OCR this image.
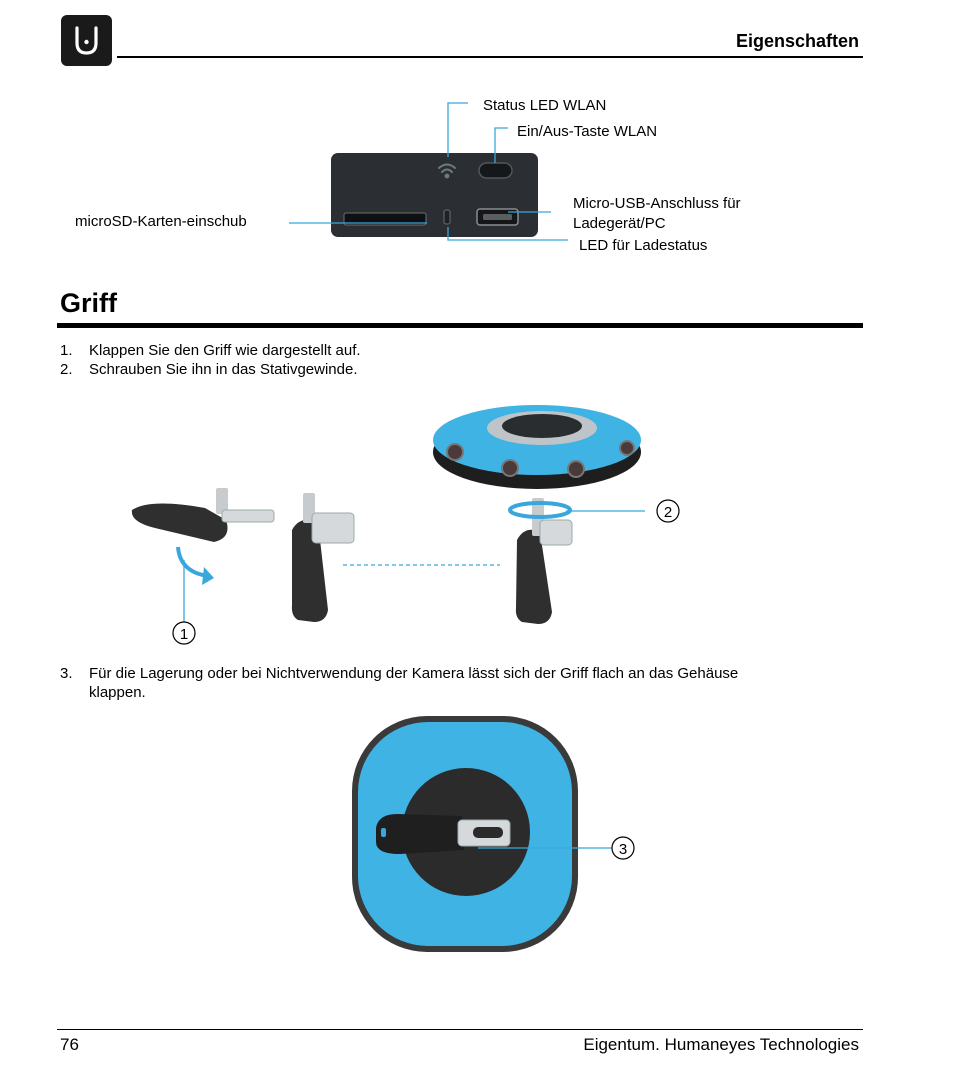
Eigenschaften
Status LED WLAN
Ein/Aus-Taste WLAN
Micro-USB-Anschluss für
Ladegerät/PC
microSD-Karten-einschub
LED für Ladestatus
Griff
1. Klappen Sie den Griff wie dargestellt auf.
2. Schrauben Sie ihn in das Stativgewinde.
1
2
3. Für die Lagerung oder bei Nichtverwendung der Kamera lässt sich der Griff flach an das Gehäuse
klappen.
3
76	Eigentum. Humaneyes Technologies
